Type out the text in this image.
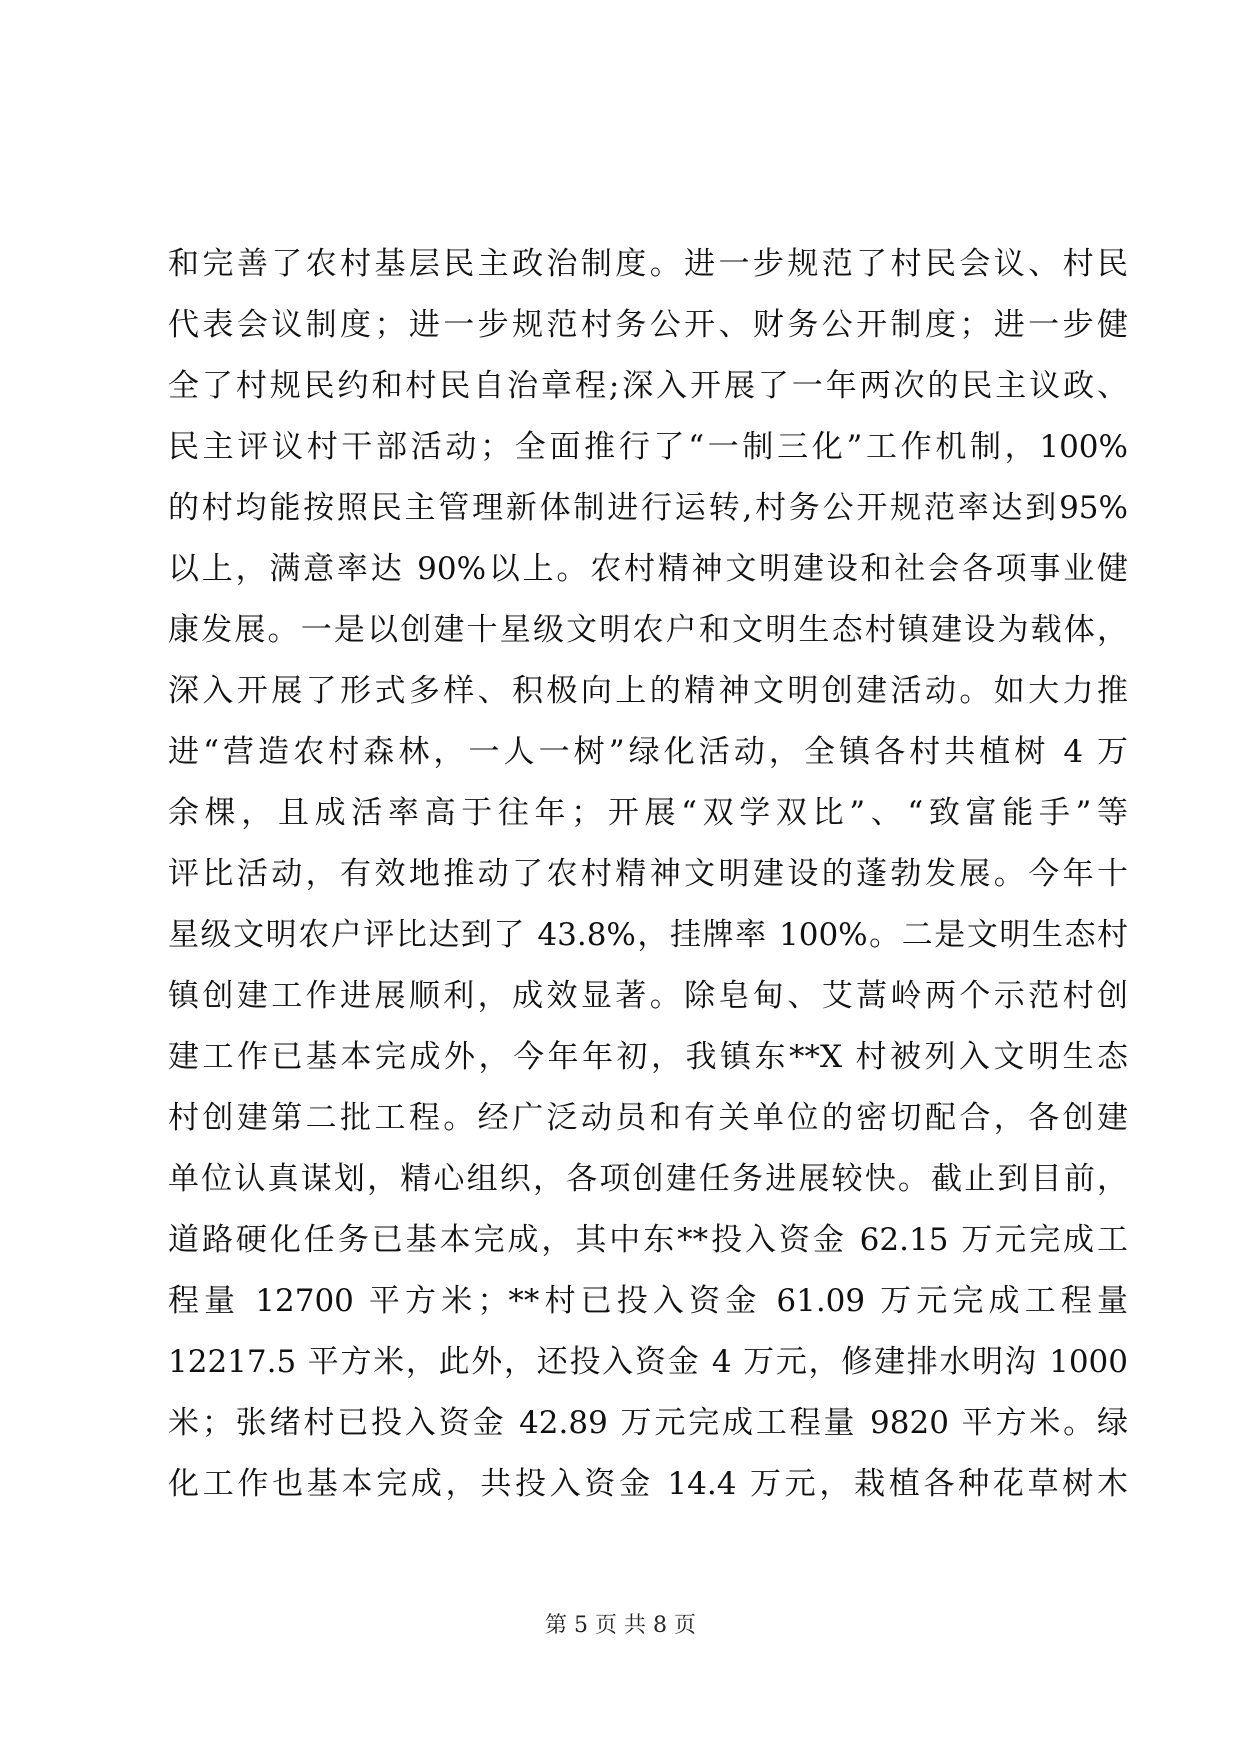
和完善了农村基层民主政治制度。进一步规范了村民会议、村民
代表会议制度；进一步规范村务公开、财务公开制度；进一步健
全了村规民约和村民自治章程;深入开展了一年两次的民主议政、
民主评议村干部活动；全面推行了“一制三化”工作机制，100%
的村均能按照民主管理新体制进行运转,村务公开规范率达到95%
以上，满意率达 90%以上。农村精神文明建设和社会各项事业健
康发展。一是以创建十星级文明农户和文明生态村镇建设为载体，
深入开展了形式多样、积极向上的精神文明创建活动。如大力推
进“营造农村森林，一人一树”绿化活动，全镇各村共植树 4 万
余棵，且成活率高于往年；开展“双学双比”、“致富能手”等
评比活动，有效地推动了农村精神文明建设的蓬勃发展。今年十
星级文明农户评比达到了 43.8%，挂牌率 100%。二是文明生态村
镇创建工作进展顺利，成效显著。除皂甸、艾蒿岭两个示范村创
建工作已基本完成外，今年年初，我镇东**X 村被列入文明生态
村创建第二批工程。经广泛动员和有关单位的密切配合，各创建
单位认真谋划，精心组织，各项创建任务进展较快。截止到目前，
道路硬化任务已基本完成，其中东**投入资金 62.15 万元完成工
程量 12700 平方米；**村已投入资金 61.09 万元完成工程量
12217.5 平方米，此外，还投入资金 4 万元，修建排水明沟 1000
米；张绪村已投入资金 42.89 万元完成工程量 9820 平方米。绿
化工作也基本完成，共投入资金 14.4 万元，栽植各种花草树木
第 5 页 共 8 页
